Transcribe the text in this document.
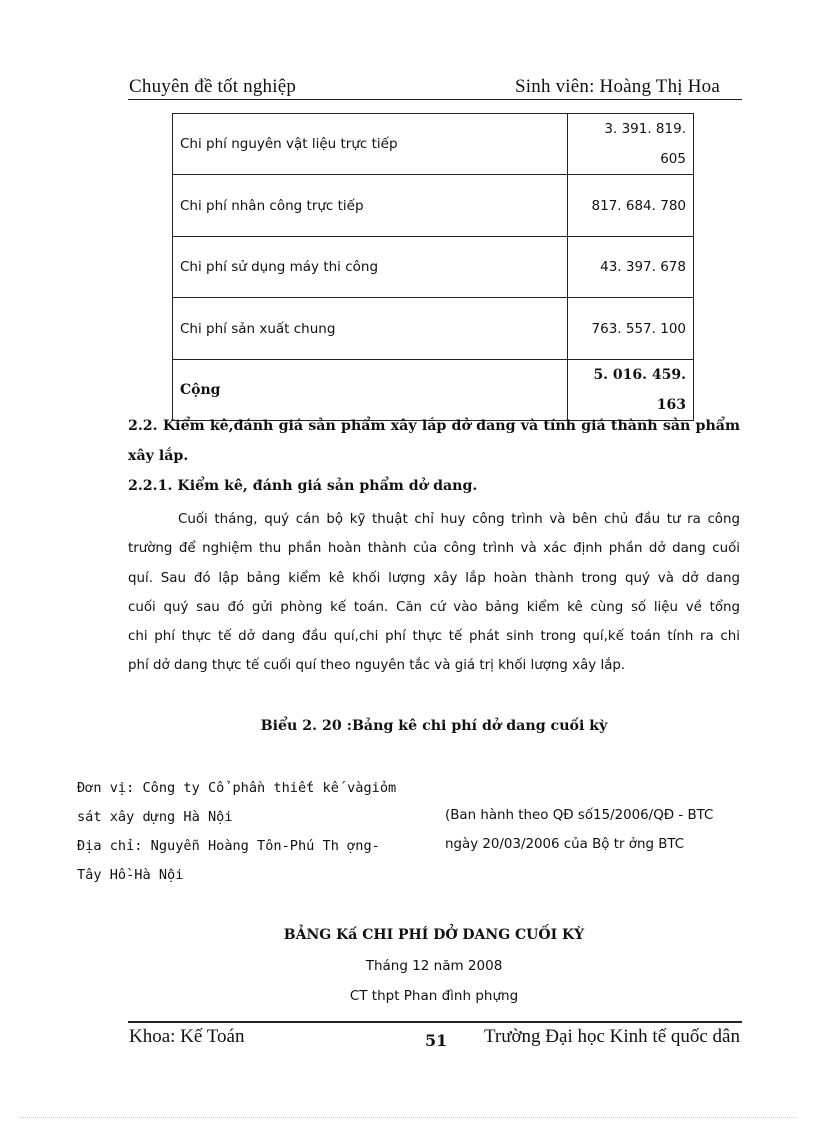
Chuyên đề tốt nghiệp	Sinh viên: Hoàng Thị Hoa
Chi phí nguyên vật liệu trực tiếp	3. 391. 819.
605

Chi phí nhân công trực tiếp	817. 684. 780
Chi phí sử dụng máy thi công	43. 397. 678
Chi phí sản xuất chung	763. 557. 100
Cộng	5. 016. 459.
163
2.2. Kiểm kê,đánh giá sản phẩm xây lắp dở dang và tính giá thành sản phẩm
xây lắp.
2.2.1. Kiểm kê, đánh giá sản phẩm dở dang.
Cuối tháng, quý cán bộ kỹ thuật chỉ huy công trình và bên chủ đầu tư ra công
trường để nghiệm thu phần hoàn thành của công trình và xác định phần dở dang cuối
quí. Sau đó lập bảng kiểm kê khối lượng xây lắp hoàn thành trong quý và dở dang
cuối quý sau đó gửi phòng kế toán. Căn cứ vào bảng kiểm kê cùng số liệu về tổng
chi phí thực tế dở dang đầu quí,chi phí thực tế phát sinh trong quí,kế toán tính ra chi
phí dở dang thực tế cuối quí theo nguyên tắc và giá trị khối lượng xây lắp.
Biểu 2. 20 :Bảng kê chi phí dở dang cuối kỳ
Đơn vị: Công ty Cổ phần thiết kế vàgiỏm
sát xây dựng Hà Nội
Địa chỉ: Nguyễn Hoàng Tôn-Phú Th ợng-
Tây Hồ-Hà Nội
(Ban hành theo QĐ số15/2006/QĐ - BTC
ngày 20/03/2006 của Bộ tr ởng BTC
BẢNG Kấ CHI PHÍ DỞ DANG CUỐI KỲ
Tháng 12 năm 2008
CT thpt Phan đình phựng
Khoa: Kế Toán	51 Trường Đại học Kinh tế quốc dân
